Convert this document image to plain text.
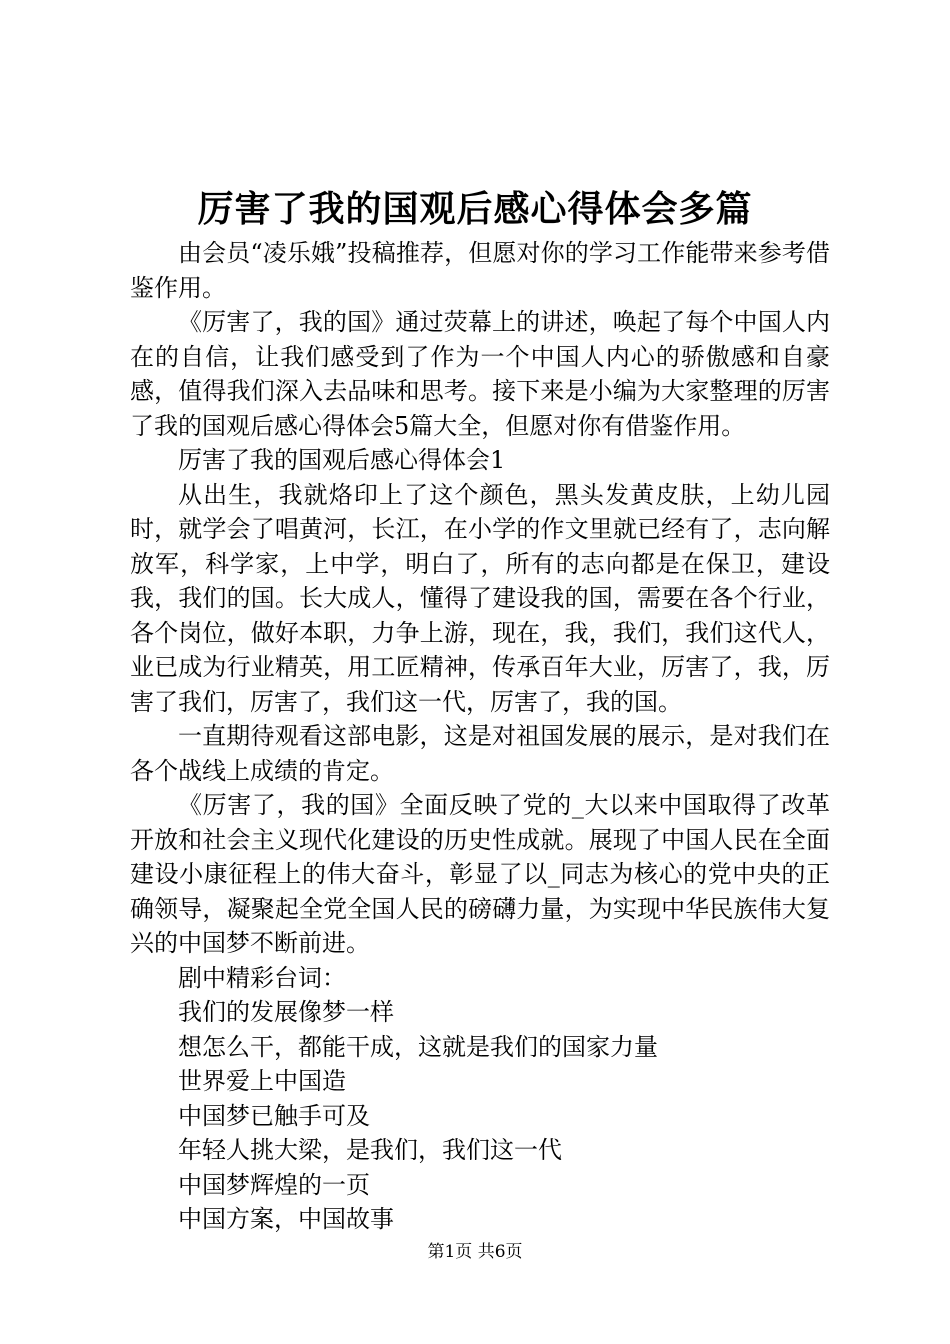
厉害了我的国观后感心得体会多篇

由会员“凌乐娥”投稿推荐，但愿对你的学习工作能带来参考借鉴作用。

《厉害了，我的国》通过荧幕上的讲述，唤起了每个中国人内在的自信，让我们感受到了作为一个中国人内心的骄傲感和自豪感，值得我们深入去品味和思考。接下来是小编为大家整理的厉害了我的国观后感心得体会5篇大全，但愿对你有借鉴作用。

厉害了我的国观后感心得体会1

从出生，我就烙印上了这个颜色，黑头发黄皮肤，上幼儿园时，就学会了唱黄河，长江，在小学的作文里就已经有了，志向解放军，科学家，上中学，明白了，所有的志向都是在保卫，建设我，我们的国。长大成人，懂得了建设我的国，需要在各个行业，各个岗位，做好本职，力争上游，现在，我，我们，我们这代人，业已成为行业精英，用工匠精神，传承百年大业，厉害了，我，厉害了我们，厉害了，我们这一代，厉害了，我的国。

一直期待观看这部电影，这是对祖国发展的展示，是对我们在各个战线上成绩的肯定。

《厉害了，我的国》全面反映了党的_大以来中国取得了改革开放和社会主义现代化建设的历史性成就。展现了中国人民在全面建设小康征程上的伟大奋斗，彰显了以_同志为核心的党中央的正确领导，凝聚起全党全国人民的磅礴力量，为实现中华民族伟大复兴的中国梦不断前进。

剧中精彩台词：

我们的发展像梦一样

想怎么干，都能干成，这就是我们的国家力量

世界爱上中国造

中国梦已触手可及

年轻人挑大梁，是我们，我们这一代

中国梦辉煌的一页

中国方案，中国故事

第1页 共6页
